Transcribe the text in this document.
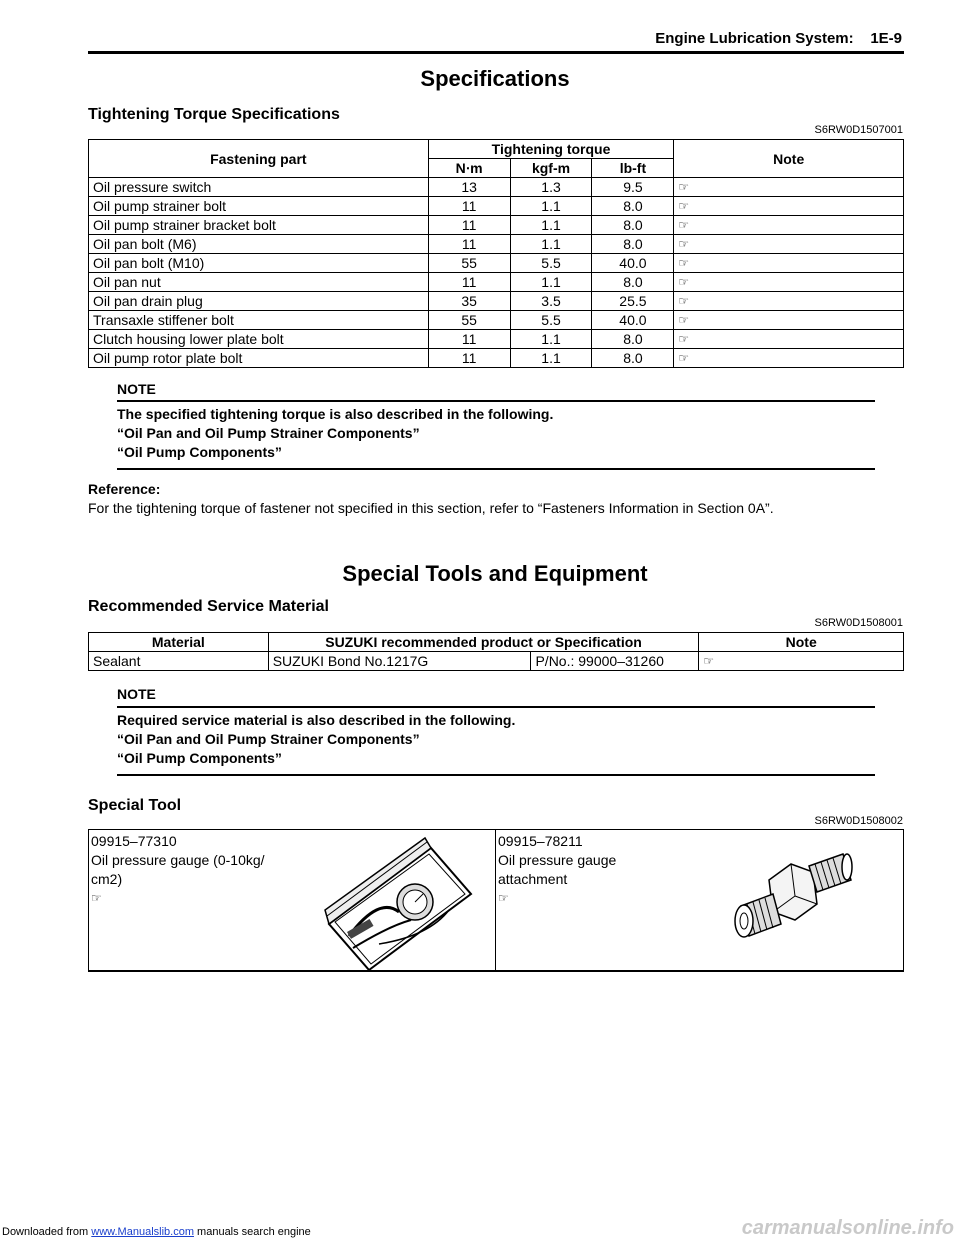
Engine Lubrication System: 1E-9
Specifications
Tightening Torque Specifications
S6RW0D1507001
Fastening part	Tightening torque			Note
	N⋅m	kgf-m	lb-ft	
Oil pressure switch	13	1.3	9.5	☞
Oil pump strainer bolt	11	1.1	8.0	☞
Oil pump strainer bracket bolt	11	1.1	8.0	☞
Oil pan bolt (M6)	11	1.1	8.0	☞
Oil pan bolt (M10)	55	5.5	40.0	☞
Oil pan nut	11	1.1	8.0	☞
Oil pan drain plug	35	3.5	25.5	☞
Transaxle stiffener bolt	55	5.5	40.0	☞
Clutch housing lower plate bolt	11	1.1	8.0	☞
Oil pump rotor plate bolt	11	1.1	8.0	☞
NOTE
The specified tightening torque is also described in the following.
“Oil Pan and Oil Pump Strainer Components”
“Oil Pump Components”
Reference:
For the tightening torque of fastener not specified in this section, refer to “Fasteners Information in Section 0A”.
Special Tools and Equipment
Recommended Service Material
S6RW0D1508001
Material	SUZUKI recommended product or Specification		Note
Sealant	SUZUKI Bond No.1217G	P/No.: 99000–31260	☞
NOTE
Required service material is also described in the following.
“Oil Pan and Oil Pump Strainer Components”
“Oil Pump Components”
Special Tool
S6RW0D1508002
09915–77310
Oil pressure gauge (0-10kg/
cm2)
☞
09915–78211
Oil pressure gauge
attachment
☞
Downloaded from www.Manualslib.com manuals search engine	carmanualsonline.info
